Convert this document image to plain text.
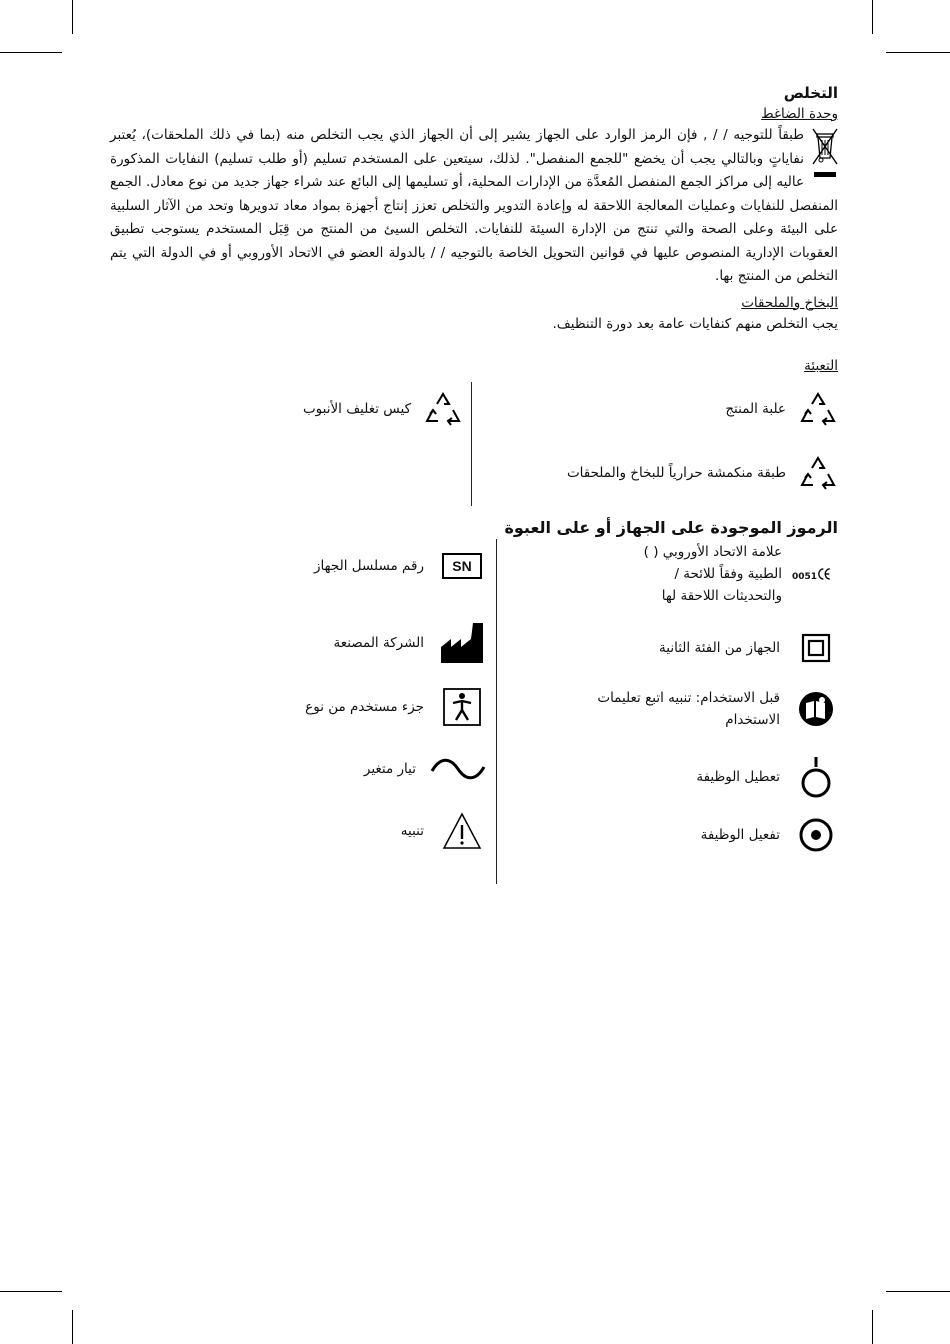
التخلص
وحدة الضاغط

طبقاً للتوجيه / / , فإن الرمز الوارد على الجهاز يشير إلى أن الجهاز الذي يجب التخلص منه (بما في ذلك الملحقات)، يُعتبر نفاياتٍ وبالتالي يجب أن يخضع "للجمع المنفصل". لذلك، سيتعين على المستخدم تسليم (أو طلب تسليم) النفايات المذكورة عاليه إلى مراكز الجمع المنفصل المُعدَّة من الإدارات المحلية، أو تسليمها إلى البائع عند شراء جهاز جديد من نوع معادل. الجمع المنفصل للنفايات وعمليات المعالجة اللاحقة له وإعادة التدوير والتخلص تعزز إنتاج أجهزة بمواد معاد تدويرها وتحد من الآثار السلبية على البيئة وعلى الصحة والتي تنتج من الإدارة السيئة للنفايات. التخلص السيئ من المنتج من قِبَل المستخدم يستوجب تطبيق العقوبات الإدارية المنصوص عليها في قوانين التحويل الخاصة بالتوجيه / / بالدولة العضو في الاتحاد الأوروبي أو في الدولة التي يتم التخلص من المنتج بها.

البخاخ والملحقات

يجب التخلص منهم كنفايات عامة بعد دورة التنظيف.

التعبئة
علبة المنتج
طبقة منكمشة حرارياً للبخاخ والملحقات
كيس تغليف الأنبوب
الرموز الموجودة على الجهاز أو على العبوة
0051
علامة الاتحاد الأوروبي ( ) الطبية وفقاً للائحة / والتحديثات اللاحقة لها
الجهاز من الفئة الثانية
قبل الاستخدام: تنبيه اتبع تعليمات الاستخدام
تعطيل الوظيفة
تفعيل الوظيفة
SN
رقم مسلسل الجهاز
الشركة المصنعة
جزء مستخدم من نوع
تيار متغير
تنبيه
